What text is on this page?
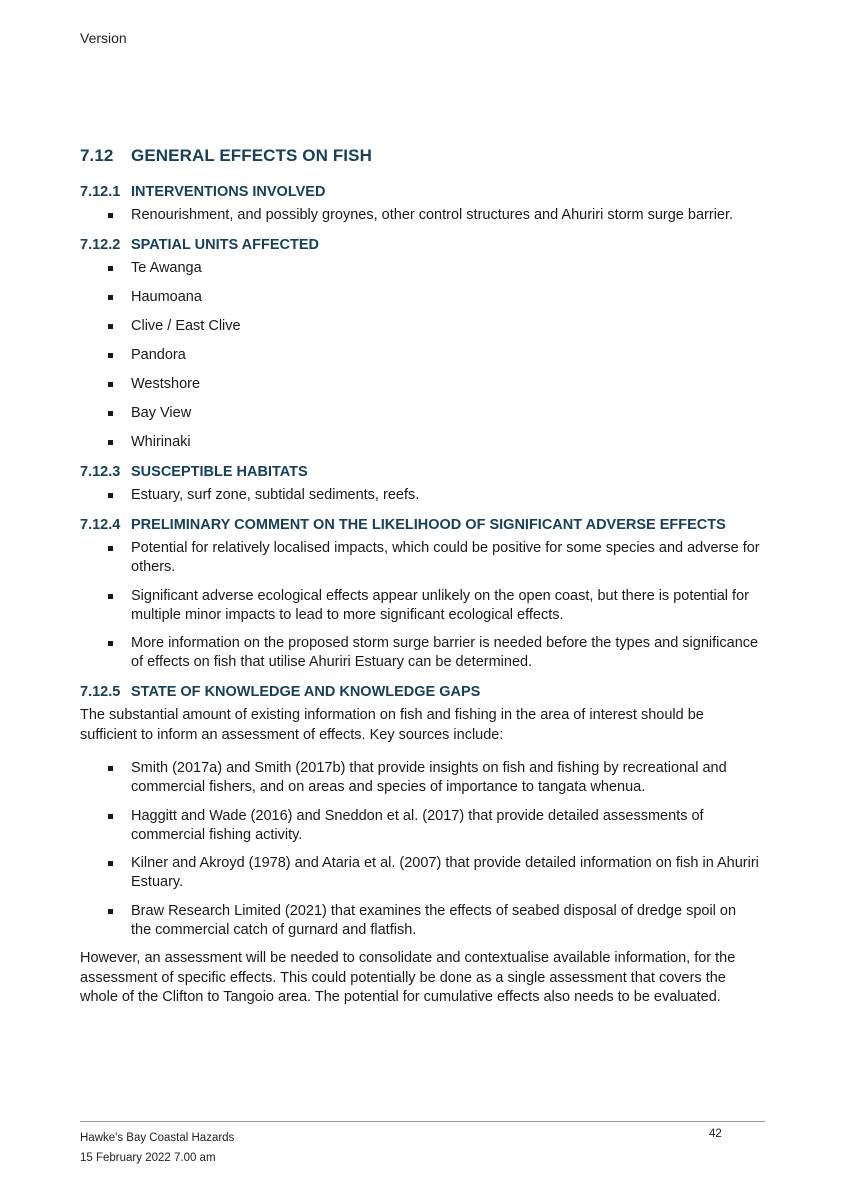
Version
7.12 GENERAL EFFECTS ON FISH
7.12.1 INTERVENTIONS INVOLVED
Renourishment, and possibly groynes, other control structures and Ahuriri storm surge barrier.
7.12.2 SPATIAL UNITS AFFECTED
Te Awanga
Haumoana
Clive / East Clive
Pandora
Westshore
Bay View
Whirinaki
7.12.3 SUSCEPTIBLE HABITATS
Estuary, surf zone, subtidal sediments, reefs.
7.12.4 PRELIMINARY COMMENT ON THE LIKELIHOOD OF SIGNIFICANT ADVERSE EFFECTS
Potential for relatively localised impacts, which could be positive for some species and adverse for others.
Significant adverse ecological effects appear unlikely on the open coast, but there is potential for multiple minor impacts to lead to more significant ecological effects.
More information on the proposed storm surge barrier is needed before the types and significance of effects on fish that utilise Ahuriri Estuary can be determined.
7.12.5 STATE OF KNOWLEDGE AND KNOWLEDGE GAPS

The substantial amount of existing information on fish and fishing in the area of interest should be sufficient to inform an assessment of effects. Key sources include:

Smith (2017a) and Smith (2017b) that provide insights on fish and fishing by recreational and commercial fishers, and on areas and species of importance to tangata whenua.
Haggitt and Wade (2016) and Sneddon et al. (2017) that provide detailed assessments of commercial fishing activity.
Kilner and Akroyd (1978) and Ataria et al. (2007) that provide detailed information on fish in Ahuriri Estuary.
Braw Research Limited (2021) that examines the effects of seabed disposal of dredge spoil on the commercial catch of gurnard and flatfish.

However, an assessment will be needed to consolidate and contextualise available information, for the assessment of specific effects. This could potentially be done as a single assessment that covers the whole of the Clifton to Tangoio area. The potential for cumulative effects also needs to be evaluated.

Hawke's Bay Coastal Hazards
15 February 2022 7.00 am
42
